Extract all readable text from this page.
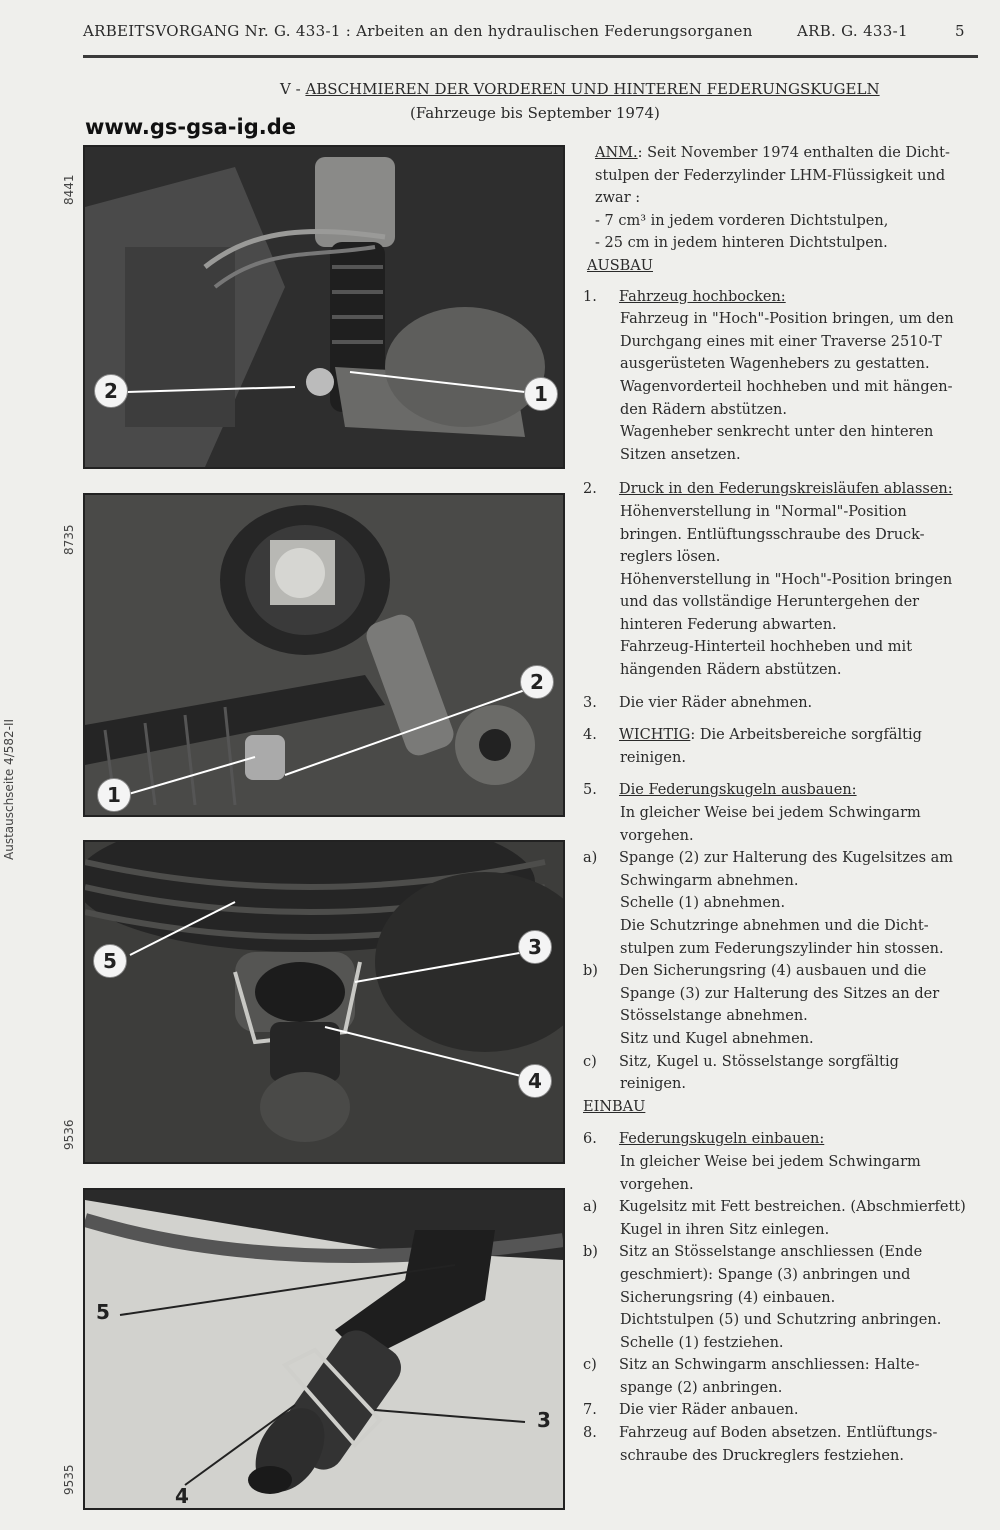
ARBEITSVORGANG Nr. G. 433-1 : Arbeiten an den hydraulischen Federungsorganen	ARB. G. 433-1	5
V - ABSCHMIEREN DER VORDEREN UND HINTEREN FEDERUNGSKUGELN
(Fahrzeuge bis September 1974)
www.gs-gsa-ig.de
Austauschseite 4/582-II
8441
8735
9536
9535
2	1
1
2
5
3
4
5
3
4

ANM.: Seit November 1974 enthalten die Dicht-

stulpen der Federzylinder LHM-Flüssigkeit und

zwar :

- 7 cm³ in jedem vorderen Dichtstulpen,

- 25 cm in jedem hinteren Dichtstulpen.

AUSBAU

1. Fahrzeug hochbocken:

Fahrzeug in "Hoch"-Position bringen, um den

Durchgang eines mit einer Traverse 2510-T

ausgerüsteten Wagenhebers zu gestatten.

Wagenvorderteil hochheben und mit hängen-

den Rädern abstützen.

Wagenheber senkrecht unter den hinteren

Sitzen ansetzen.

2. Druck in den Federungskreisläufen ablassen:

Höhenverstellung in "Normal"-Position

bringen. Entlüftungsschraube des Druck-

reglers lösen.

Höhenverstellung in "Hoch"-Position bringen

und das vollständige Heruntergehen der

hinteren Federung abwarten.

Fahrzeug-Hinterteil hochheben und mit

hängenden Rädern abstützen.

3. Die vier Räder abnehmen.

4. WICHTIG: Die Arbeitsbereiche sorgfältig

reinigen.

5. Die Federungskugeln ausbauen:

In gleicher Weise bei jedem Schwingarm

vorgehen.

a) Spange (2) zur Halterung des Kugelsitzes am

Schwingarm abnehmen.

Schelle (1) abnehmen.

Die Schutzringe abnehmen und die Dicht-

stulpen zum Federungszylinder hin stossen.

b) Den Sicherungsring (4) ausbauen und die

Spange (3) zur Halterung des Sitzes an der

Stösselstange abnehmen.

Sitz und Kugel abnehmen.

c) Sitz, Kugel u. Stösselstange sorgfältig

reinigen.

EINBAU

6. Federungskugeln einbauen:

In gleicher Weise bei jedem Schwingarm

vorgehen.

a) Kugelsitz mit Fett bestreichen. (Abschmierfett)

Kugel in ihren Sitz einlegen.

b) Sitz an Stösselstange anschliessen (Ende

geschmiert): Spange (3) anbringen und

Sicherungsring (4) einbauen.

Dichtstulpen (5) und Schutzring anbringen.

Schelle (1) festziehen.

c) Sitz an Schwingarm anschliessen: Halte-

spange (2) anbringen.

7. Die vier Räder anbauen.

8. Fahrzeug auf Boden absetzen. Entlüftungs-

schraube des Druckreglers festziehen.
